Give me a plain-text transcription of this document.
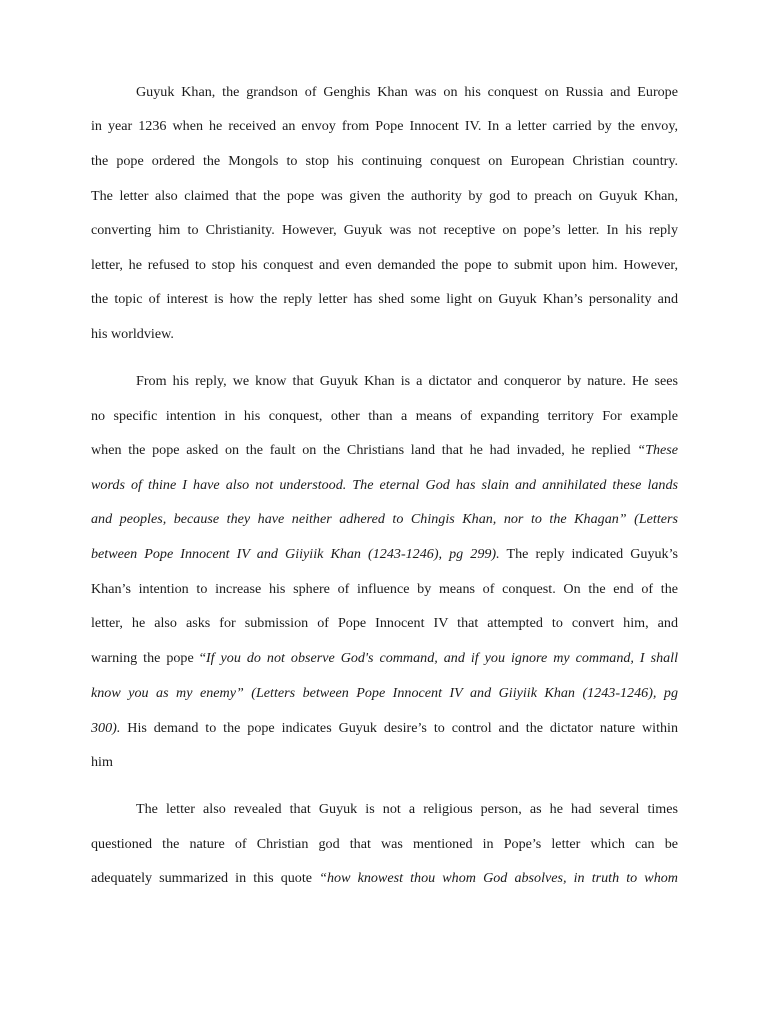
Guyuk Khan, the grandson of Genghis Khan was on his conquest on Russia and Europe
in year 1236 when he received an envoy from Pope Innocent IV. In a letter carried by the envoy,
the pope ordered the Mongols to stop his continuing conquest on European Christian country.
The letter also claimed that the pope was given the authority by god to preach on Guyuk Khan,
converting him to Christianity. However, Guyuk was not receptive on pope’s letter. In his reply
letter, he refused to stop his conquest and even demanded the pope to submit upon him. However,
the topic of interest is how the reply letter has shed some light on Guyuk Khan’s personality and
his worldview.
From his reply, we know that Guyuk Khan is a dictator and conqueror by nature. He sees
no specific intention in his conquest, other than a means of expanding territory For example
when the pope asked on the fault on the Christians land that he had invaded, he replied “These
words of thine I have also not understood. The eternal God has slain and annihilated these lands
and peoples, because they have neither adhered to Chingis Khan, nor to the Khagan” (Letters
between Pope Innocent IV and Giiyiik Khan (1243-1246), pg 299). The reply indicated Guyuk’s
Khan’s intention to increase his sphere of influence by means of conquest. On the end of the
letter, he also asks for submission of Pope Innocent IV that attempted to convert him, and
warning the pope “If you do not observe God's command, and if you ignore my command, I shall
know you as my enemy” (Letters between Pope Innocent IV and Giiyiik Khan (1243-1246), pg
300). His demand to the pope indicates Guyuk desire’s to control and the dictator nature within
him
The letter also revealed that Guyuk is not a religious person, as he had several times
questioned the nature of Christian god that was mentioned in Pope’s letter which can be
adequately summarized in this quote “how knowest thou whom God absolves, in truth to whom
